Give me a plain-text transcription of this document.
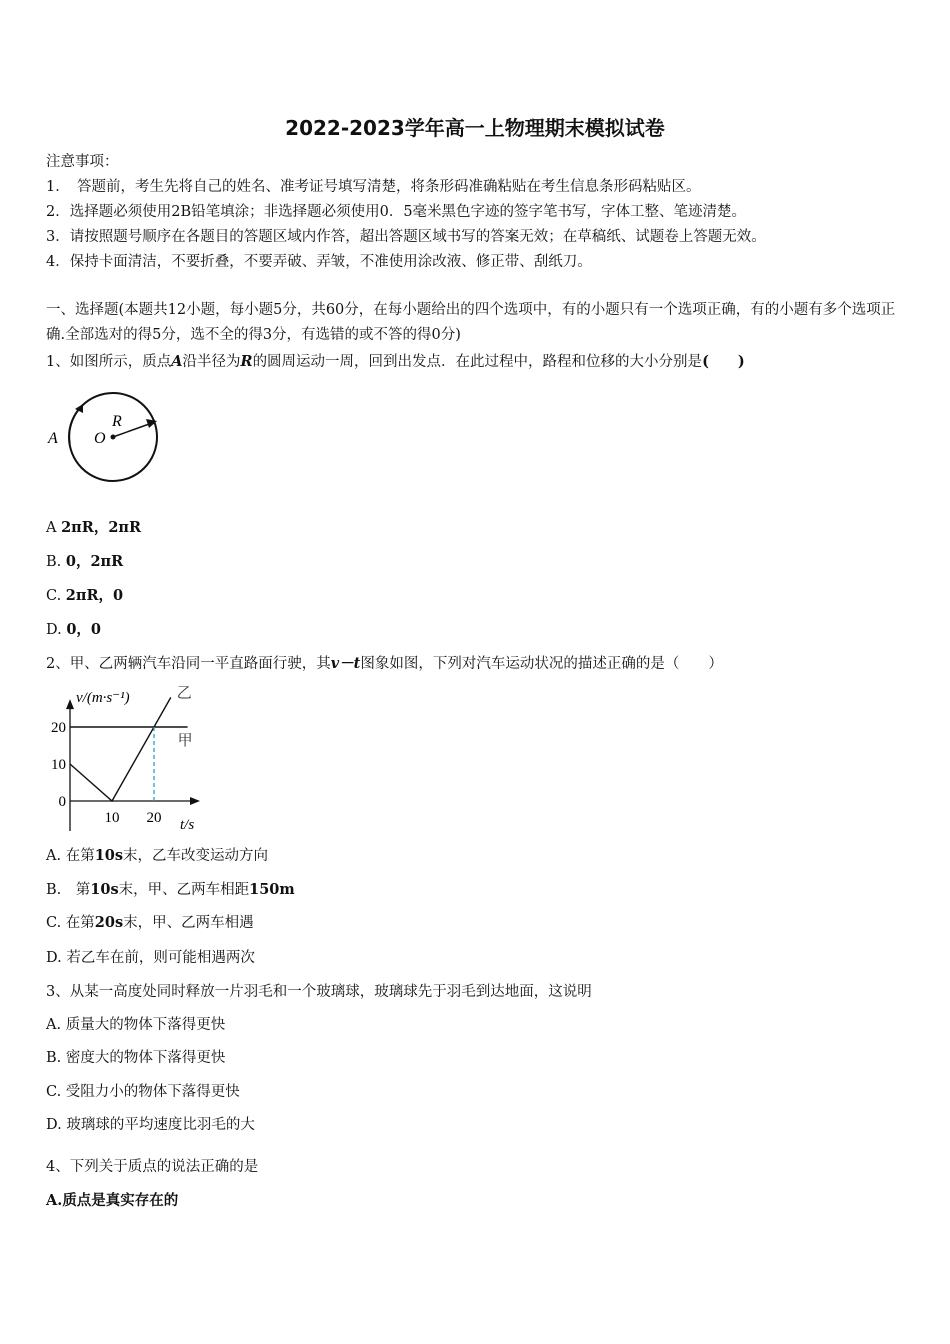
2022-2023学年高一上物理期末模拟试卷
注意事项：
1．　答题前，考生先将自己的姓名、准考证号填写清楚，将条形码准确粘贴在考生信息条形码粘贴区。
2．选择题必须使用2B铅笔填涂；非选择题必须使用0．5毫米黑色字迹的签字笔书写，字体工整、笔迹清楚。
3．请按照题号顺序在各题目的答题区域内作答，超出答题区域书写的答案无效；在草稿纸、试题卷上答题无效。
4．保持卡面清洁，不要折叠，不要弄破、弄皱，不准使用涂改液、修正带、刮纸刀。
一、选择题(本题共12小题，每小题5分，共60分，在每小题给出的四个选项中，有的小题只有一个选项正确，有的小题有多个选项正确.全部选对的得5分，选不全的得3分，有选错的或不答的得0分)
1、如图所示，质点A沿半径为R的圆周运动一周，回到出发点．在此过程中，路程和位移的大小分别是(　　)
A O
R
A 2πR，2πR
B. 0，2πR
C. 2πR，0
D. 0，0
2、甲、乙两辆汽车沿同一平直路面行驶，其v－t图象如图，下列对汽车运动状况的描述正确的是（　　）
v/(m·s⁻¹)
t/s
0
10
20
10 20
甲
乙
A. 在第10s末，乙车改变运动方向
B.　第10s末，甲、乙两车相距150m
C. 在第20s末，甲、乙两车相遇
D. 若乙车在前，则可能相遇两次
3、从某一高度处同时释放一片羽毛和一个玻璃球，玻璃球先于羽毛到达地面，这说明
A. 质量大的物体下落得更快
B. 密度大的物体下落得更快
C. 受阻力小的物体下落得更快
D. 玻璃球的平均速度比羽毛的大
4、下列关于质点的说法正确的是
A.质点是真实存在的
